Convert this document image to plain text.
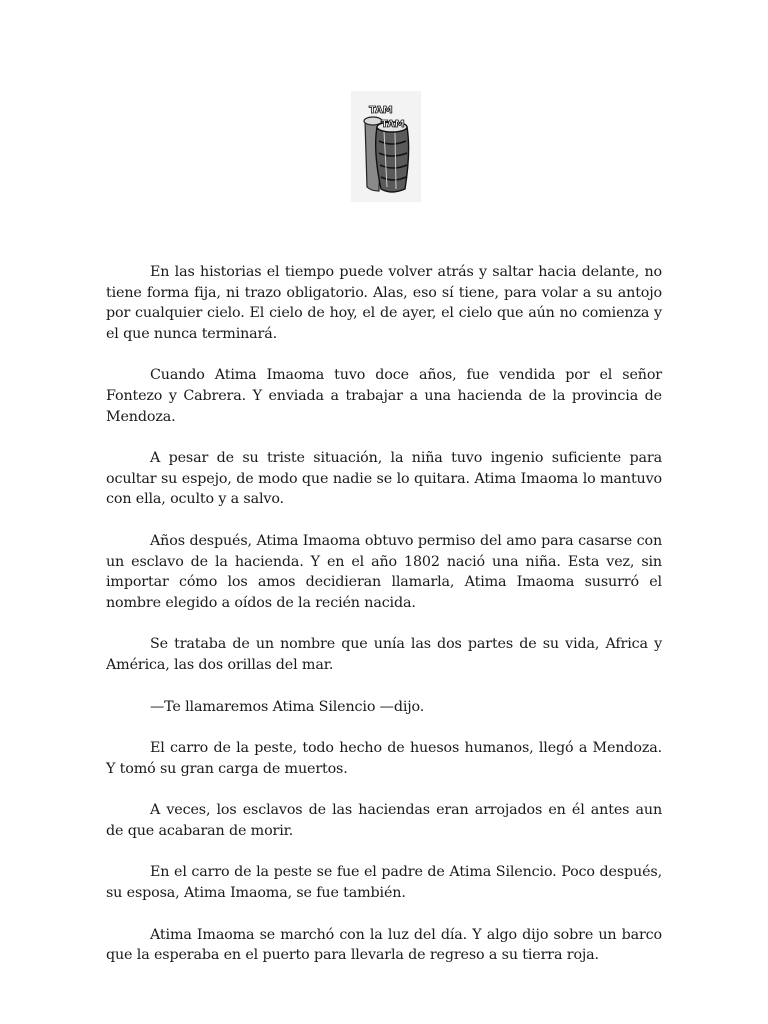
TAM
TAM

En las historias el tiempo puede volver atrás y saltar hacia delante, no tiene forma fija, ni trazo obligatorio. Alas, eso sí tiene, para volar a su antojo por cualquier cielo. El cielo de hoy, el de ayer, el cielo que aún no comienza y el que nunca terminará.

Cuando Atima Imaoma tuvo doce años, fue vendida por el señor Fontezo y Cabrera. Y enviada a trabajar a una hacienda de la provincia de Mendoza.

A pesar de su triste situación, la niña tuvo ingenio suficiente para ocultar su espejo, de modo que nadie se lo quitara. Atima Imaoma lo mantuvo con ella, oculto y a salvo.

Años después, Atima Imaoma obtuvo permiso del amo para casarse con un esclavo de la hacienda. Y en el año 1802 nació una niña. Esta vez, sin importar cómo los amos decidieran llamarla, Atima Imaoma susurró el nombre elegido a oídos de la recién nacida.

Se trataba de un nombre que unía las dos partes de su vida, Africa y América, las dos orillas del mar.

—Te llamaremos Atima Silencio —dijo.

El carro de la peste, todo hecho de huesos humanos, llegó a Mendoza. Y tomó su gran carga de muertos.

A veces, los esclavos de las haciendas eran arrojados en él antes aun de que acabaran de morir.

En el carro de la peste se fue el padre de Atima Silencio. Poco después, su esposa, Atima Imaoma, se fue también.

Atima Imaoma se marchó con la luz del día. Y algo dijo sobre un barco que la esperaba en el puerto para llevarla de regreso a su tierra roja.
